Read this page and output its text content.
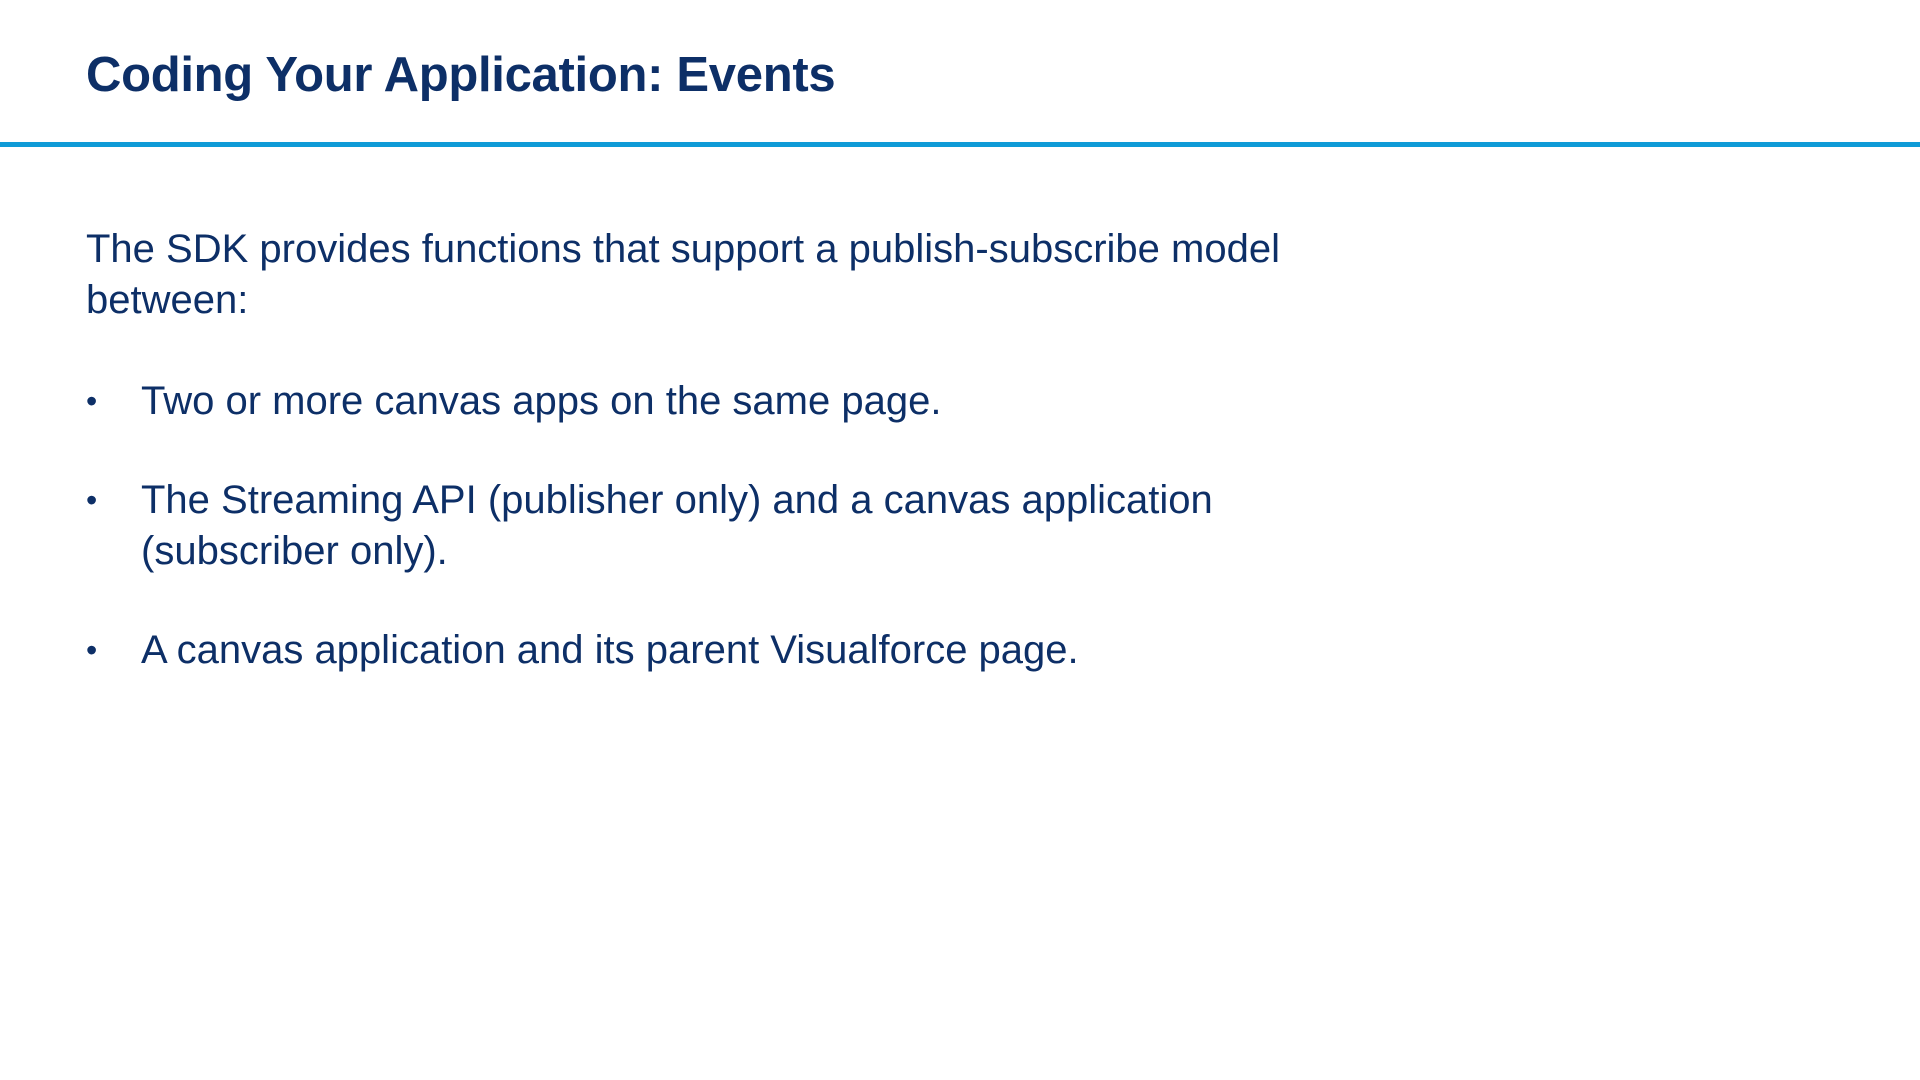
Coding Your Application: Events

The SDK provides functions that support a publish-subscribe model between:

•	Two or more canvas apps on the same page.
•	The Streaming API (publisher only) and a canvas application (subscriber only).
•	A canvas application and its parent Visualforce page.
